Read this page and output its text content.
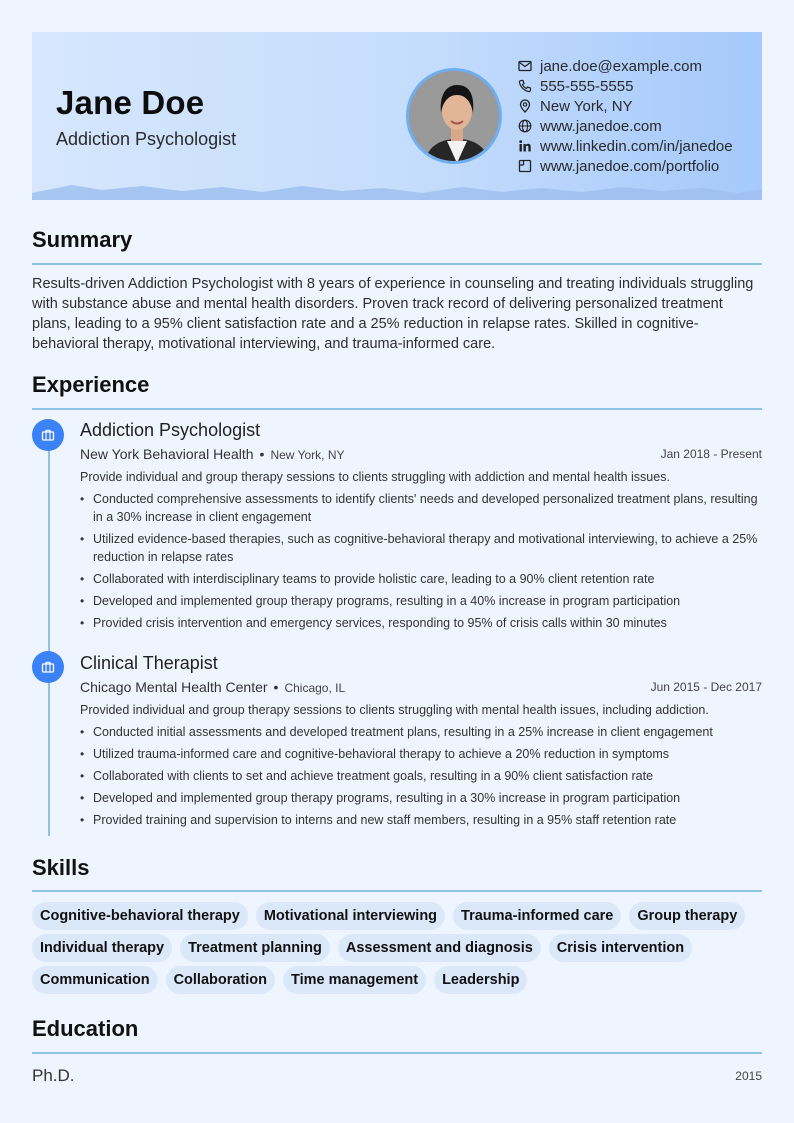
Jane Doe
Addiction Psychologist
jane.doe@example.com
555-555-5555
New York, NY
www.janedoe.com
www.linkedin.com/in/janedoe
www.janedoe.com/portfolio
Summary
Results-driven Addiction Psychologist with 8 years of experience in counseling and treating individuals struggling with substance abuse and mental health disorders. Proven track record of delivering personalized treatment plans, leading to a 95% client satisfaction rate and a 25% reduction in relapse rates. Skilled in cognitive-behavioral therapy, motivational interviewing, and trauma-informed care.
Experience
Addiction Psychologist
New York Behavioral Health • New York, NY	Jan 2018 - Present
Provide individual and group therapy sessions to clients struggling with addiction and mental health issues.
• Conducted comprehensive assessments to identify clients' needs and developed personalized treatment plans, resulting in a 30% increase in client engagement
• Utilized evidence-based therapies, such as cognitive-behavioral therapy and motivational interviewing, to achieve a 25% reduction in relapse rates
• Collaborated with interdisciplinary teams to provide holistic care, leading to a 90% client retention rate
• Developed and implemented group therapy programs, resulting in a 40% increase in program participation
• Provided crisis intervention and emergency services, responding to 95% of crisis calls within 30 minutes
Clinical Therapist
Chicago Mental Health Center • Chicago, IL	Jun 2015 - Dec 2017
Provided individual and group therapy sessions to clients struggling with mental health issues, including addiction.
• Conducted initial assessments and developed treatment plans, resulting in a 25% increase in client engagement
• Utilized trauma-informed care and cognitive-behavioral therapy to achieve a 20% reduction in symptoms
• Collaborated with clients to set and achieve treatment goals, resulting in a 90% client satisfaction rate
• Developed and implemented group therapy programs, resulting in a 30% increase in program participation
• Provided training and supervision to interns and new staff members, resulting in a 95% staff retention rate
Skills
Cognitive-behavioral therapy	Motivational interviewing	Trauma-informed care	Group therapy
Individual therapy	Treatment planning	Assessment and diagnosis	Crisis intervention
Communication	Collaboration	Time management	Leadership
Education
Ph.D.	2015
